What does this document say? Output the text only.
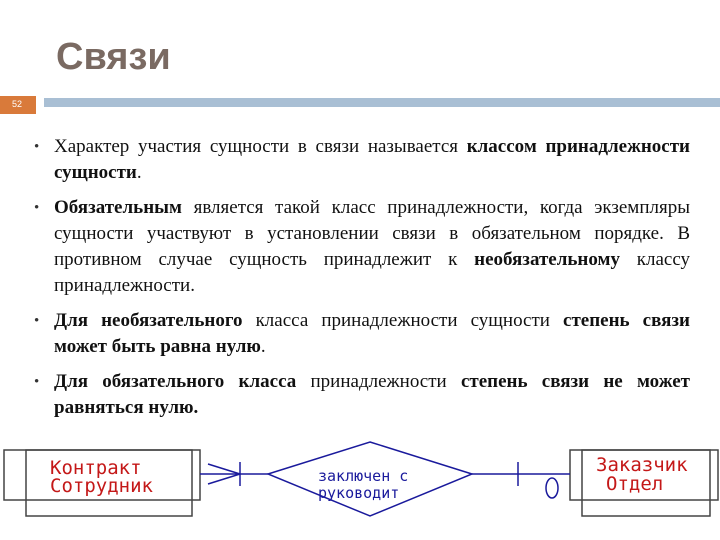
Связи
52
• Характер участия сущности в связи называется классом принадлежности сущности.
• Обязательным является такой класс принадлежности, когда экземпляры сущности участвуют в установлении связи в обязательном порядке. В противном случае сущность принадлежит к необязательному классу принадлежности.
• Для необязательного класса принадлежности сущности степень связи может быть равна нулю.
• Для обязательного класса принадлежности степень связи не может равняться нулю.
Контракт
Сотрудник
Заказчик
Отдел
заключен с
руководит
